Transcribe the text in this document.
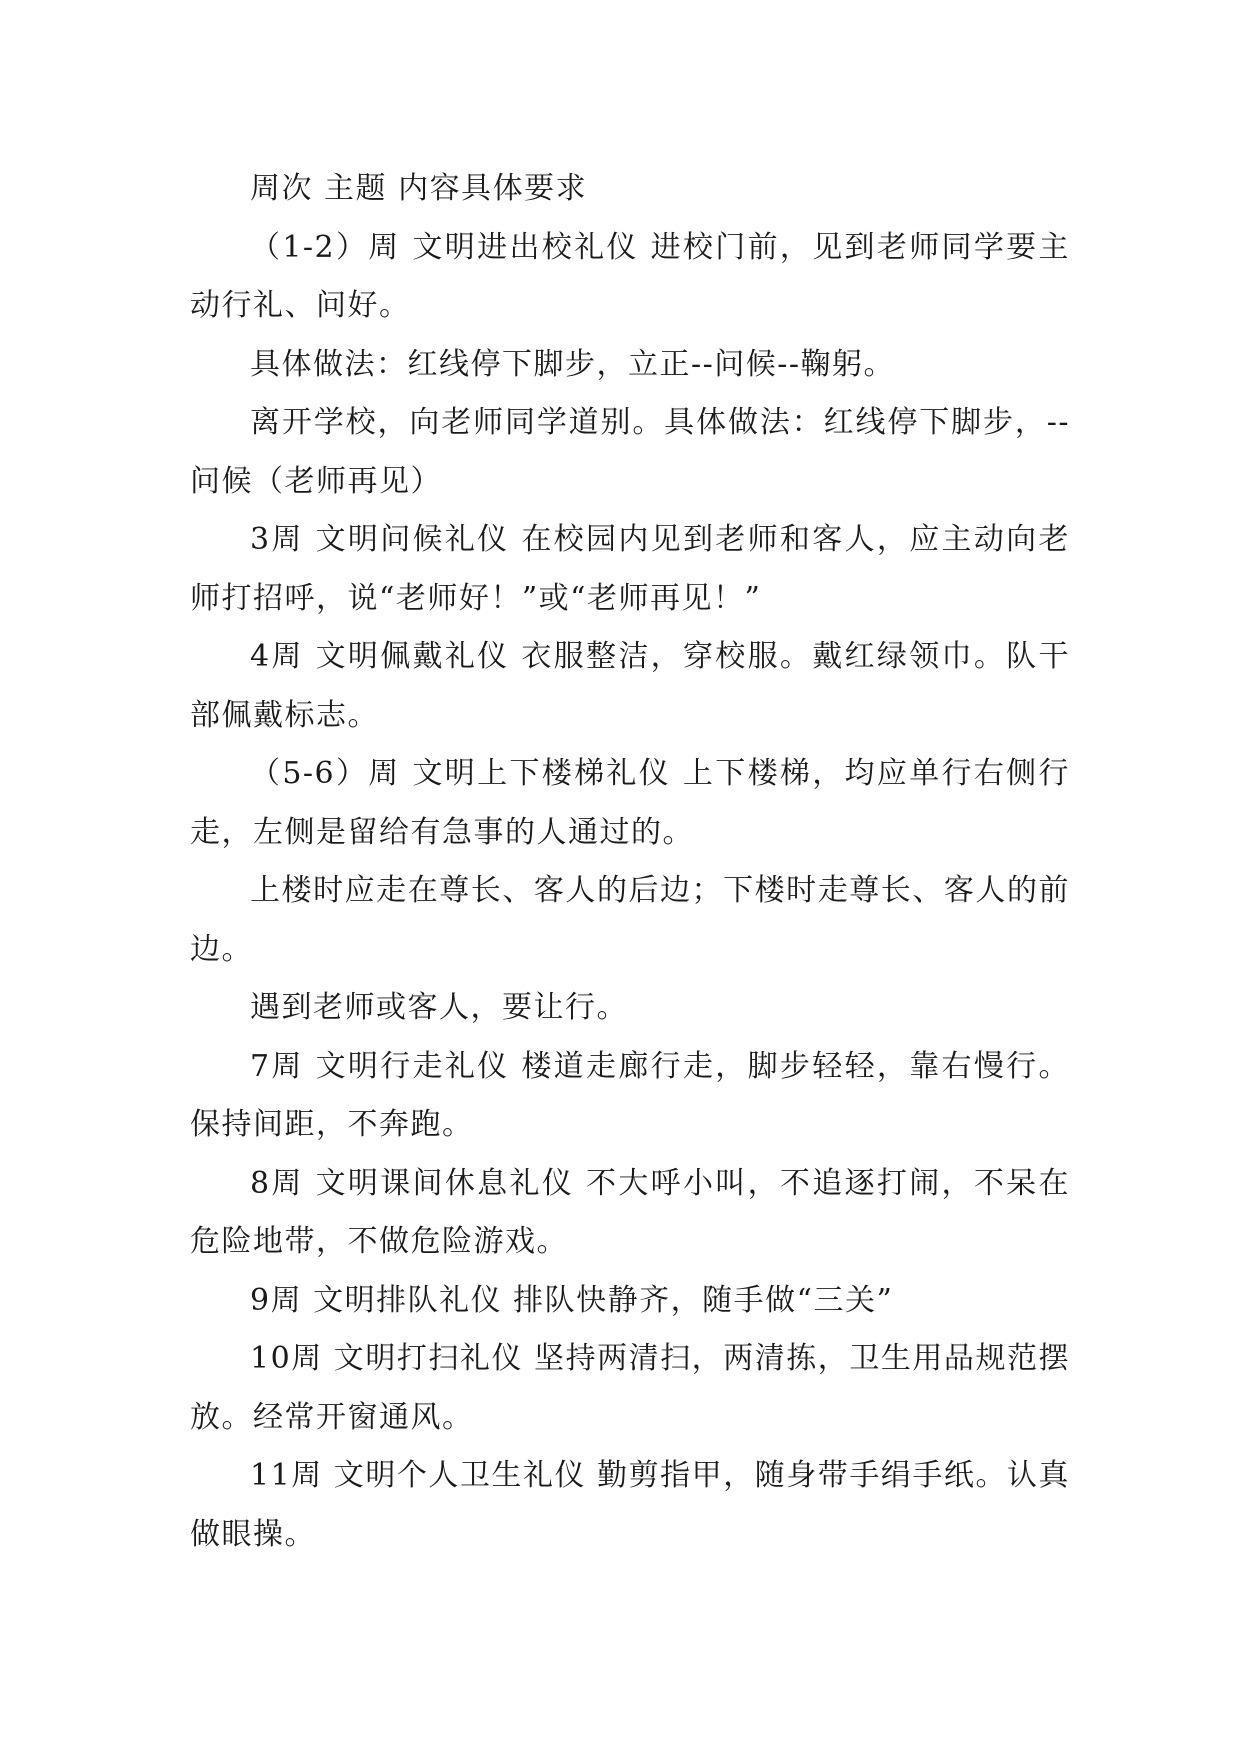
周次 主题 内容具体要求

（1-2）周 文明进出校礼仪 进校门前，见到老师同学要主动行礼、问好。

具体做法：红线停下脚步，立正--问候--鞠躬。

离开学校，向老师同学道别。具体做法：红线停下脚步，--问候（老师再见）

3周 文明问候礼仪 在校园内见到老师和客人，应主动向老师打招呼，说“老师好！”或“老师再见！”

4周 文明佩戴礼仪 衣服整洁，穿校服。戴红绿领巾。队干部佩戴标志。

（5-6）周 文明上下楼梯礼仪 上下楼梯，均应单行右侧行走，左侧是留给有急事的人通过的。

上楼时应走在尊长、客人的后边；下楼时走尊长、客人的前边。

遇到老师或客人，要让行。

7周 文明行走礼仪 楼道走廊行走，脚步轻轻，靠右慢行。保持间距，不奔跑。

8周 文明课间休息礼仪 不大呼小叫，不追逐打闹，不呆在危险地带，不做危险游戏。

9周 文明排队礼仪 排队快静齐，随手做“三关”

10周 文明打扫礼仪 坚持两清扫，两清拣，卫生用品规范摆放。经常开窗通风。

11周 文明个人卫生礼仪 勤剪指甲，随身带手绢手纸。认真做眼操。
